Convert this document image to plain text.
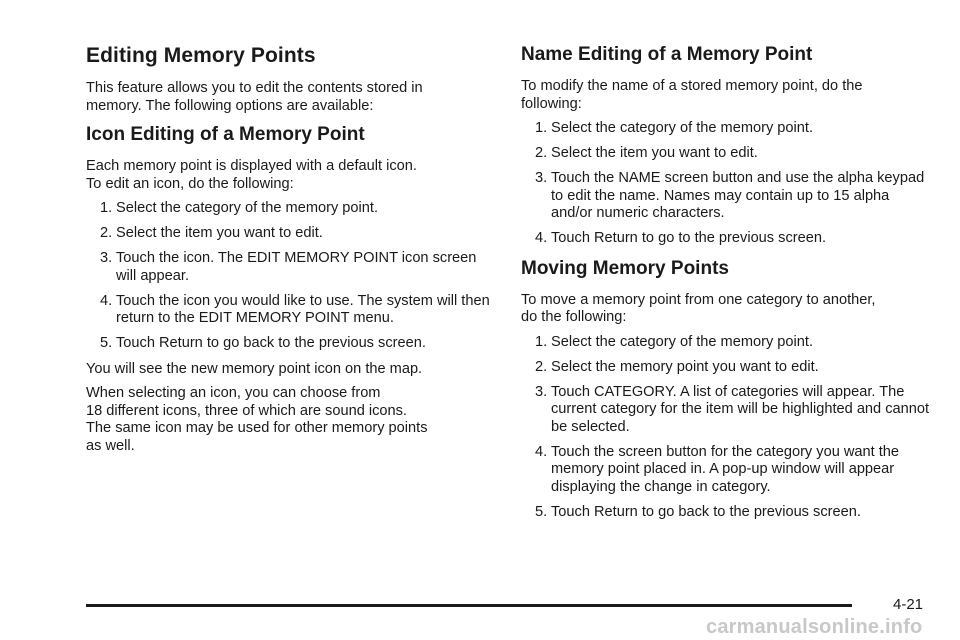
Editing Memory Points

This feature allows you to edit the contents stored in
memory. The following options are available:

Icon Editing of a Memory Point

Each memory point is displayed with a default icon.
To edit an icon, do the following:

1. Select the category of the memory point.
2. Select the item you want to edit.
3. Touch the icon. The EDIT MEMORY POINT icon screen will appear.
4. Touch the icon you would like to use. The system will then return to the EDIT MEMORY POINT menu.
5. Touch Return to go back to the previous screen.

You will see the new memory point icon on the map.

When selecting an icon, you can choose from
18 different icons, three of which are sound icons.
The same icon may be used for other memory points
as well.

Name Editing of a Memory Point

To modify the name of a stored memory point, do the
following:

1. Select the category of the memory point.
2. Select the item you want to edit.
3. Touch the NAME screen button and use the alpha keypad to edit the name. Names may contain up to 15 alpha and/or numeric characters.
4. Touch Return to go to the previous screen.
Moving Memory Points

To move a memory point from one category to another,
do the following:

1. Select the category of the memory point.
2. Select the memory point you want to edit.
3. Touch CATEGORY. A list of categories will appear. The current category for the item will be highlighted and cannot be selected.
4. Touch the screen button for the category you want the memory point placed in. A pop-up window will appear displaying the change in category.
5. Touch Return to go back to the previous screen.
4-21
carmanualsonline.info
